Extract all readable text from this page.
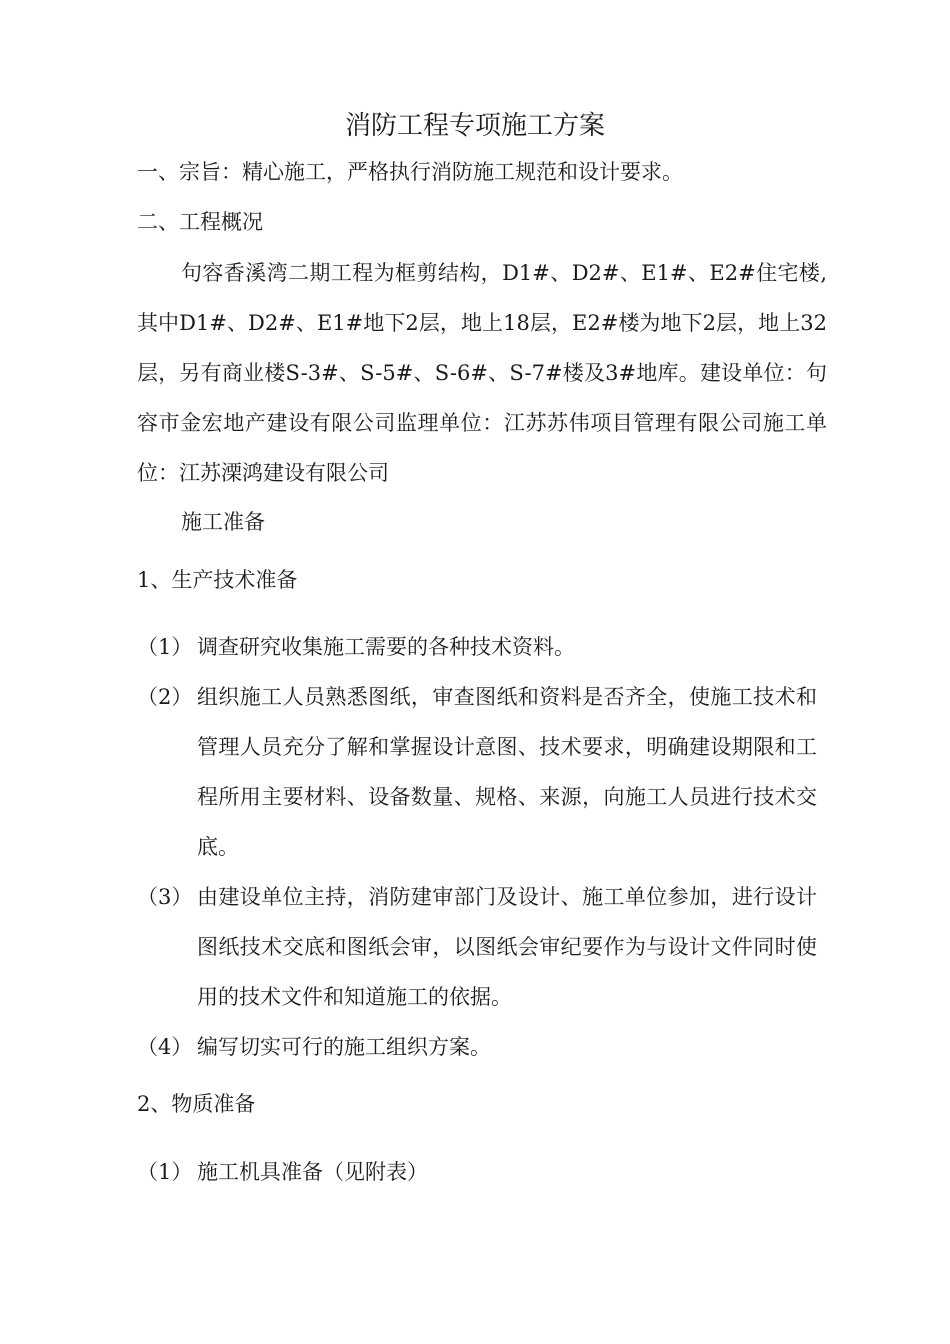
消防工程专项施工方案
一、宗旨：精心施工，严格执行消防施工规范和设计要求。
二、工程概况
句容香溪湾二期工程为框剪结构，D1#、D2#、E1#、E2#住宅楼,其中D1#、D2#、E1#地下2层，地上18层，E2#楼为地下2层，地上32层，另有商业楼S-3#、S-5#、S-6#、S-7#楼及3#地库。建设单位：句容市金宏地产建设有限公司监理单位：江苏苏伟项目管理有限公司施工单位：江苏溧鸿建设有限公司
施工准备
1、生产技术准备
（1） 调查研究收集施工需要的各种技术资料。
（2） 组织施工人员熟悉图纸，审查图纸和资料是否齐全，使施工技术和管理人员充分了解和掌握设计意图、技术要求，明确建设期限和工程所用主要材料、设备数量、规格、来源，向施工人员进行技术交底。
（3） 由建设单位主持，消防建审部门及设计、施工单位参加，进行设计图纸技术交底和图纸会审，以图纸会审纪要作为与设计文件同时使用的技术文件和知道施工的依据。
（4） 编写切实可行的施工组织方案。
2、物质准备
（1） 施工机具准备（见附表）
